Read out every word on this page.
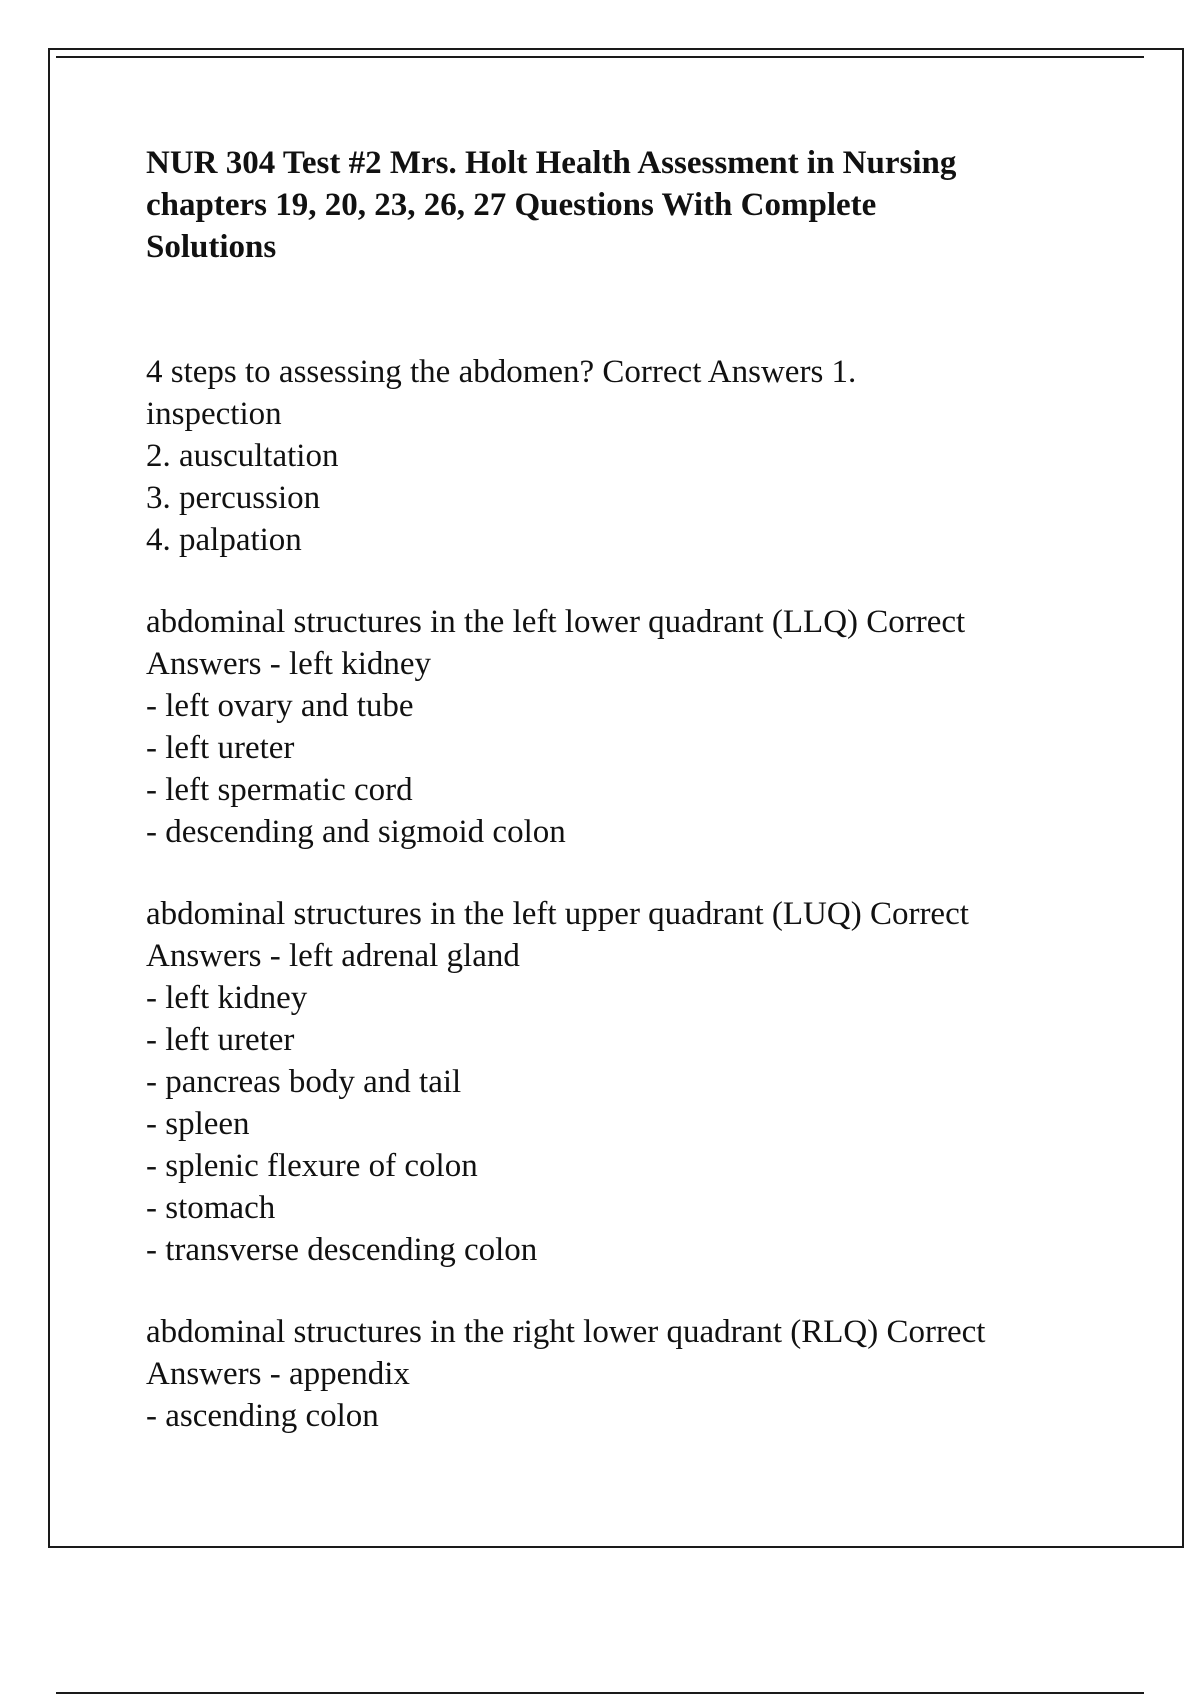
NUR 304 Test #2 Mrs. Holt Health Assessment in Nursing
chapters 19, 20, 23, 26, 27 Questions With Complete
Solutions

4 steps to assessing the abdomen? Correct Answers 1.
inspection
2. auscultation
3. percussion
4. palpation

abdominal structures in the left lower quadrant (LLQ) Correct
Answers - left kidney
- left ovary and tube
- left ureter
- left spermatic cord
- descending and sigmoid colon

abdominal structures in the left upper quadrant (LUQ) Correct
Answers - left adrenal gland
- left kidney
- left ureter
- pancreas body and tail
- spleen
- splenic flexure of colon
- stomach
- transverse descending colon

abdominal structures in the right lower quadrant (RLQ) Correct
Answers - appendix
- ascending colon
